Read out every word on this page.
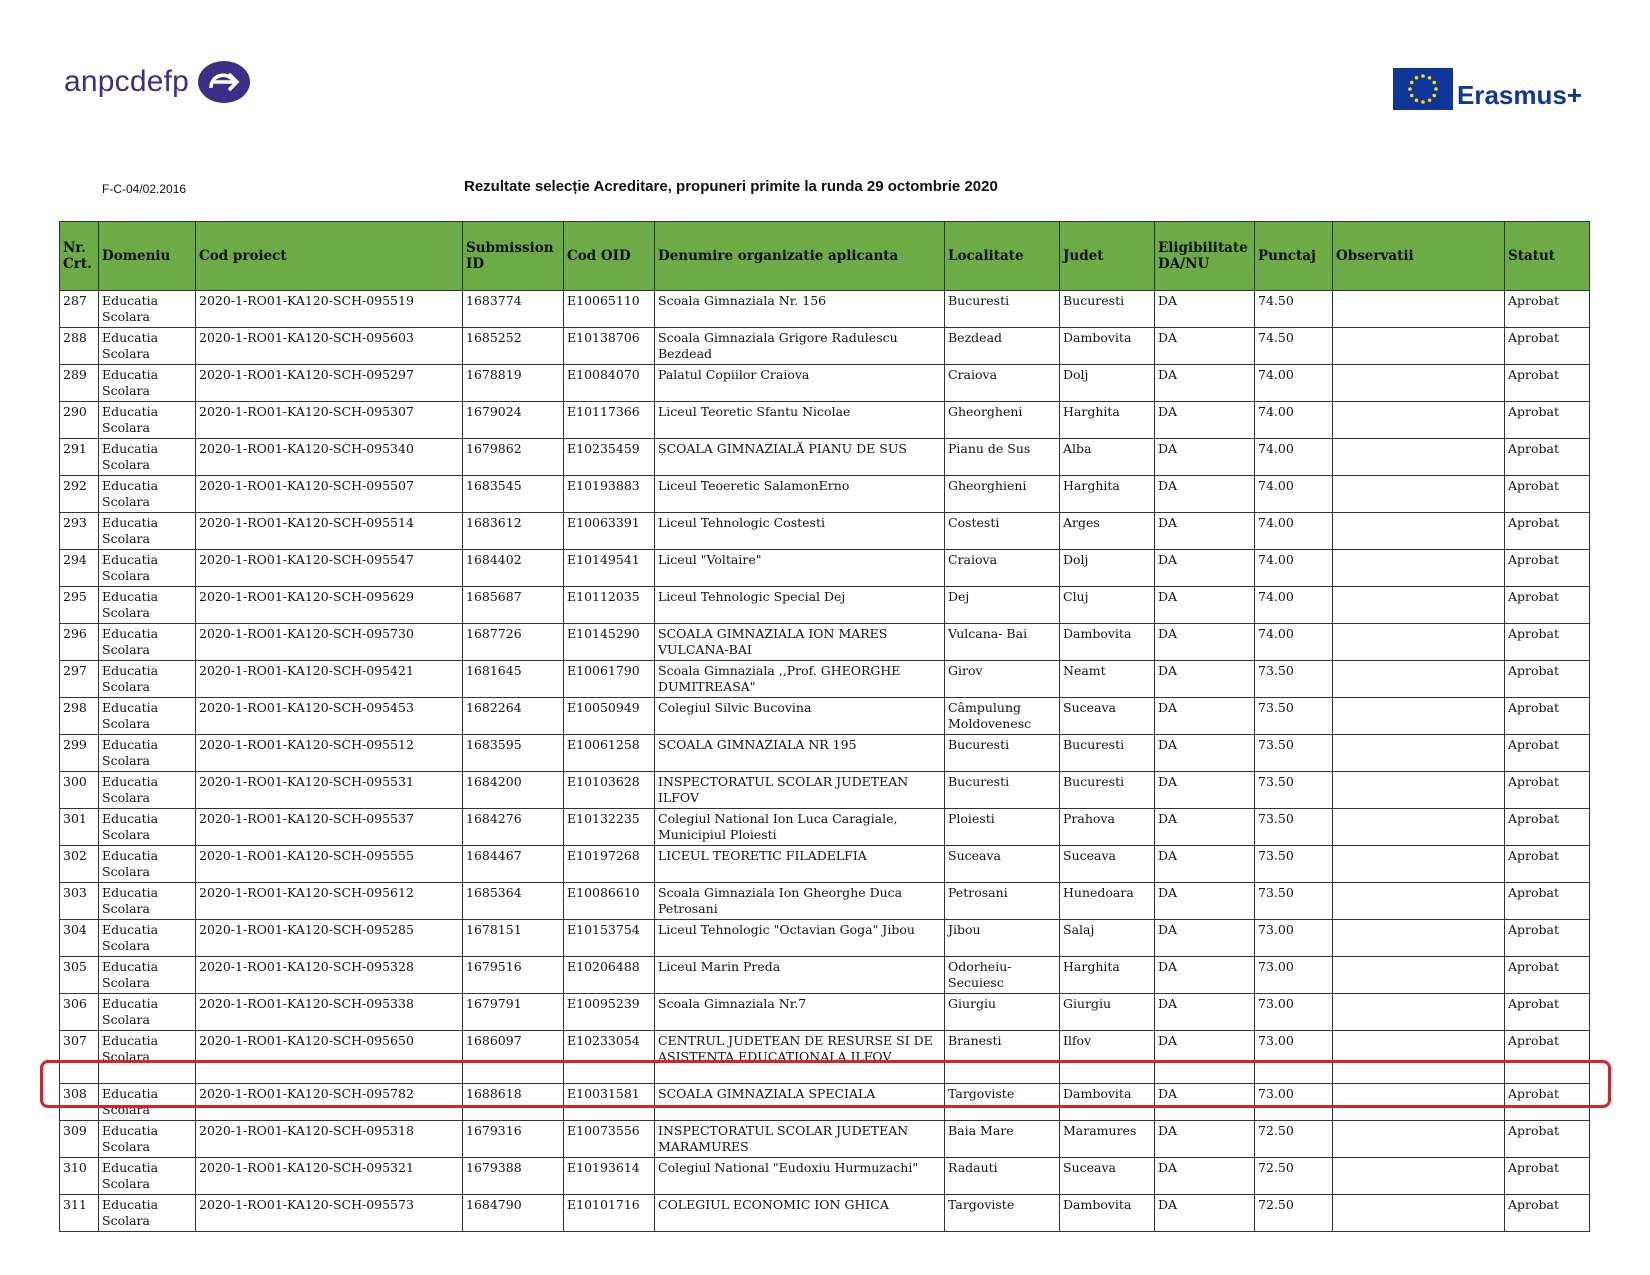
anpcdefp	Erasmus+
F-C-04/02.2016	Rezultate selecție Acreditare, propuneri primite la runda 29 octombrie 2020
Nr. Crt.	Domeniu	Cod proiect	Submission ID	Cod OID	Denumire organizatie aplicanta	Localitate	Judet	Eligibilitate DA/NU	Punctaj	Observatii	Statut
287	Educatia Scolara	2020-1-RO01-KA120-SCH-095519	1683774	E10065110	Scoala Gimnaziala Nr. 156	Bucuresti	Bucuresti	DA	74.50		Aprobat
288	Educatia Scolara	2020-1-RO01-KA120-SCH-095603	1685252	E10138706	Scoala Gimnaziala Grigore Radulescu Bezdead	Bezdead	Dambovita	DA	74.50		Aprobat
289	Educatia Scolara	2020-1-RO01-KA120-SCH-095297	1678819	E10084070	Palatul Copiilor Craiova	Craiova	Dolj	DA	74.00		Aprobat
290	Educatia Scolara	2020-1-RO01-KA120-SCH-095307	1679024	E10117366	Liceul Teoretic Sfantu Nicolae	Gheorgheni	Harghita	DA	74.00		Aprobat
291	Educatia Scolara	2020-1-RO01-KA120-SCH-095340	1679862	E10235459	ȘCOALA GIMNAZIALĂ PIANU DE SUS	Pianu de Sus	Alba	DA	74.00		Aprobat
292	Educatia Scolara	2020-1-RO01-KA120-SCH-095507	1683545	E10193883	Liceul Teoeretic SalamonErno	Gheorghieni	Harghita	DA	74.00		Aprobat
293	Educatia Scolara	2020-1-RO01-KA120-SCH-095514	1683612	E10063391	Liceul Tehnologic Costesti	Costesti	Arges	DA	74.00		Aprobat
294	Educatia Scolara	2020-1-RO01-KA120-SCH-095547	1684402	E10149541	Liceul "Voltaire"	Craiova	Dolj	DA	74.00		Aprobat
295	Educatia Scolara	2020-1-RO01-KA120-SCH-095629	1685687	E10112035	Liceul Tehnologic Special Dej	Dej	Cluj	DA	74.00		Aprobat
296	Educatia Scolara	2020-1-RO01-KA120-SCH-095730	1687726	E10145290	SCOALA GIMNAZIALA ION MARES VULCANA-BAI	Vulcana- Bai	Dambovita	DA	74.00		Aprobat
297	Educatia Scolara	2020-1-RO01-KA120-SCH-095421	1681645	E10061790	Scoala Gimnaziala ,,Prof. GHEORGHE DUMITREASA"	Girov	Neamt	DA	73.50		Aprobat
298	Educatia Scolara	2020-1-RO01-KA120-SCH-095453	1682264	E10050949	Colegiul Silvic Bucovina	Câmpulung Moldovenesc	Suceava	DA	73.50		Aprobat
299	Educatia Scolara	2020-1-RO01-KA120-SCH-095512	1683595	E10061258	SCOALA GIMNAZIALA NR 195	Bucuresti	Bucuresti	DA	73.50		Aprobat
300	Educatia Scolara	2020-1-RO01-KA120-SCH-095531	1684200	E10103628	INSPECTORATUL SCOLAR JUDETEAN ILFOV	Bucuresti	Bucuresti	DA	73.50		Aprobat
301	Educatia Scolara	2020-1-RO01-KA120-SCH-095537	1684276	E10132235	Colegiul National Ion Luca Caragiale, Municipiul Ploiesti	Ploiesti	Prahova	DA	73.50		Aprobat
302	Educatia Scolara	2020-1-RO01-KA120-SCH-095555	1684467	E10197268	LICEUL TEORETIC FILADELFIA	Suceava	Suceava	DA	73.50		Aprobat
303	Educatia Scolara	2020-1-RO01-KA120-SCH-095612	1685364	E10086610	Scoala Gimnaziala Ion Gheorghe Duca Petrosani	Petrosani	Hunedoara	DA	73.50		Aprobat
304	Educatia Scolara	2020-1-RO01-KA120-SCH-095285	1678151	E10153754	Liceul Tehnologic "Octavian Goga" Jibou	Jibou	Salaj	DA	73.00		Aprobat
305	Educatia Scolara	2020-1-RO01-KA120-SCH-095328	1679516	E10206488	Liceul Marin Preda	Odorheiu-Secuiesc	Harghita	DA	73.00		Aprobat
306	Educatia Scolara	2020-1-RO01-KA120-SCH-095338	1679791	E10095239	Scoala Gimnaziala Nr.7	Giurgiu	Giurgiu	DA	73.00		Aprobat
307	Educatia Scolara	2020-1-RO01-KA120-SCH-095650	1686097	E10233054	CENTRUL JUDETEAN DE RESURSE SI DE ASISTENTA EDUCATIONALA ILFOV	Branesti	Ilfov	DA	73.00		Aprobat
308	Educatia Scolara	2020-1-RO01-KA120-SCH-095782	1688618	E10031581	SCOALA GIMNAZIALA SPECIALA	Targoviste	Dambovita	DA	73.00		Aprobat
309	Educatia Scolara	2020-1-RO01-KA120-SCH-095318	1679316	E10073556	INSPECTORATUL SCOLAR JUDETEAN MARAMURES	Baia Mare	Maramures	DA	72.50		Aprobat
310	Educatia Scolara	2020-1-RO01-KA120-SCH-095321	1679388	E10193614	Colegiul National "Eudoxiu Hurmuzachi"	Radauti	Suceava	DA	72.50		Aprobat
311	Educatia Scolara	2020-1-RO01-KA120-SCH-095573	1684790	E10101716	COLEGIUL ECONOMIC ION GHICA	Targoviste	Dambovita	DA	72.50		Aprobat
